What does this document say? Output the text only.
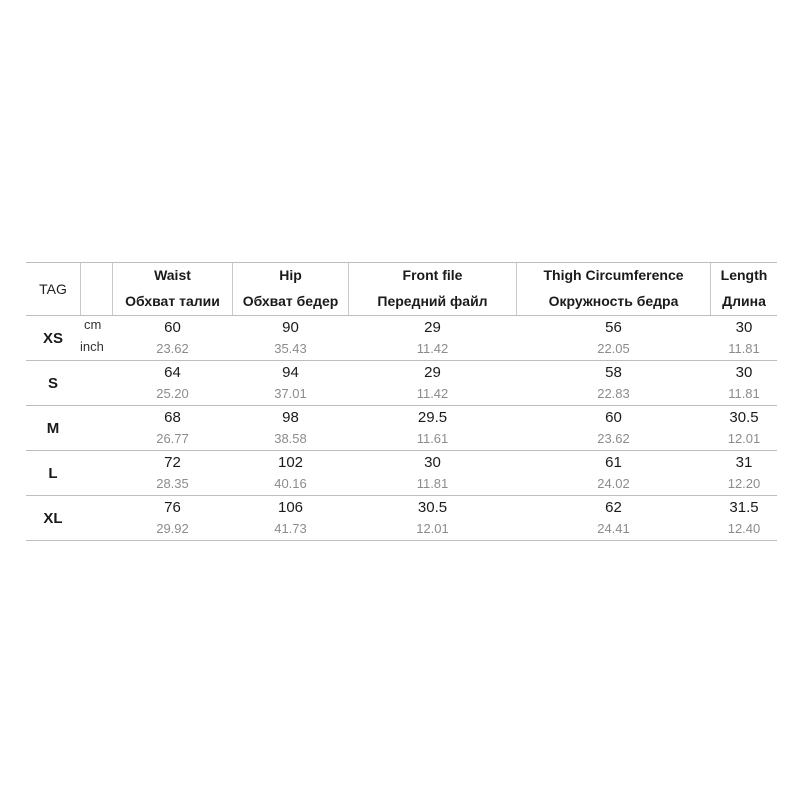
TAG
Waist
Обхват талии
Hip
Обхват бедер
Front file
Передний файл
Thigh Circumference
Окружность бедра
Length
Длина
XS
cm
inch
60
23.62
90
35.43
29
11.42
56
22.05
30
11.81
S
64
25.20
94
37.01
29
11.42
58
22.83
30
11.81
M
68
26.77
98
38.58
29.5
11.61
60
23.62
30.5
12.01
L
72
28.35
102
40.16
30
11.81
61
24.02
31
12.20
XL
76
29.92
106
41.73
30.5
12.01
62
24.41
31.5
12.40
